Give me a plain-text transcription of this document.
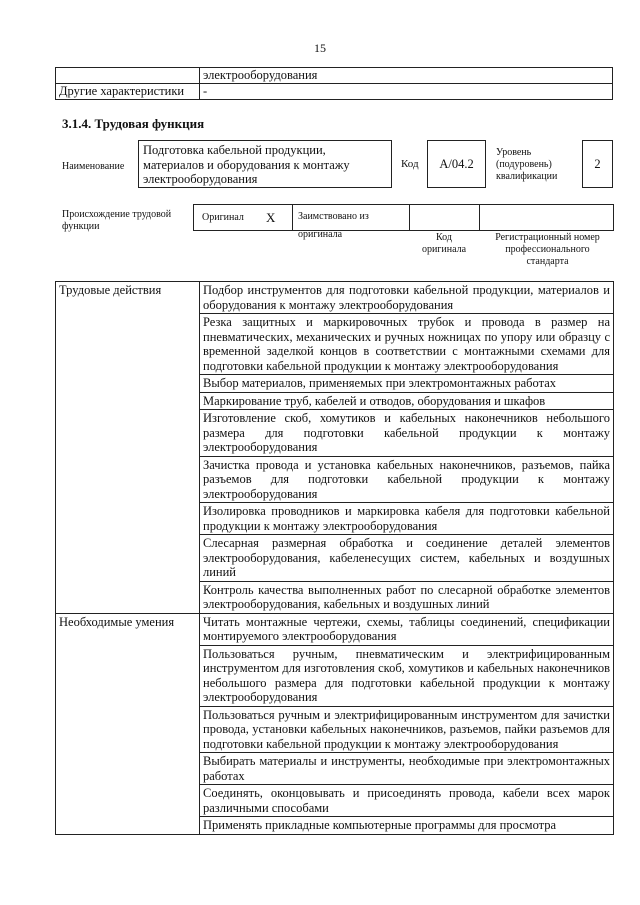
15
	электрооборудования
Другие характеристики	-
3.1.4. Трудовая функция
Наименование
Подготовка кабельной продукции, материалов и оборудования к монтажу электрооборудования
Код	A/04.2
Уровень (подуровень) квалификации
2
Происхождение трудовой функции
Оригинал X	Заимствовано из оригинала	Код оригинала
Регистрационный номер профессионального стандарта
Трудовые действия	Подбор инструментов для подготовки кабельной продукции, материалов и оборудования к монтажу электрооборудования
	Резка защитных и маркировочных трубок и провода в размер на пневматических, механических и ручных ножницах по упору или образцу с временной заделкой концов в соответствии с монтажными схемами для подготовки кабельной продукции к монтажу электрооборудования
	Выбор материалов, применяемых при электромонтажных работах
	Маркирование труб, кабелей и отводов, оборудования и шкафов
	Изготовление скоб, хомутиков и кабельных наконечников небольшого размера для подготовки кабельной продукции к монтажу электрооборудования
	Зачистка провода и установка кабельных наконечников, разъемов, пайка разъемов для подготовки кабельной продукции к монтажу электрооборудования
	Изолировка проводников и маркировка кабеля для подготовки кабельной продукции к монтажу электрооборудования
	Слесарная размерная обработка и соединение деталей элементов электрооборудования, кабеленесущих систем, кабельных и воздушных линий
	Контроль качества выполненных работ по слесарной обработке элементов электрооборудования, кабельных и воздушных линий
Необходимые умения	Читать монтажные чертежи, схемы, таблицы соединений, спецификации монтируемого электрооборудования
	Пользоваться ручным, пневматическим и электрифицированным инструментом для изготовления скоб, хомутиков и кабельных наконечников небольшого размера для подготовки кабельной продукции к монтажу электрооборудования
	Пользоваться ручным и электрифицированным инструментом для зачистки провода, установки кабельных наконечников, разъемов, пайки разъемов для подготовки кабельной продукции к монтажу электрооборудования
	Выбирать материалы и инструменты, необходимые при электромонтажных работах
	Соединять, оконцовывать и присоединять провода, кабели всех марок различными способами
	Применять прикладные компьютерные программы для просмотра
